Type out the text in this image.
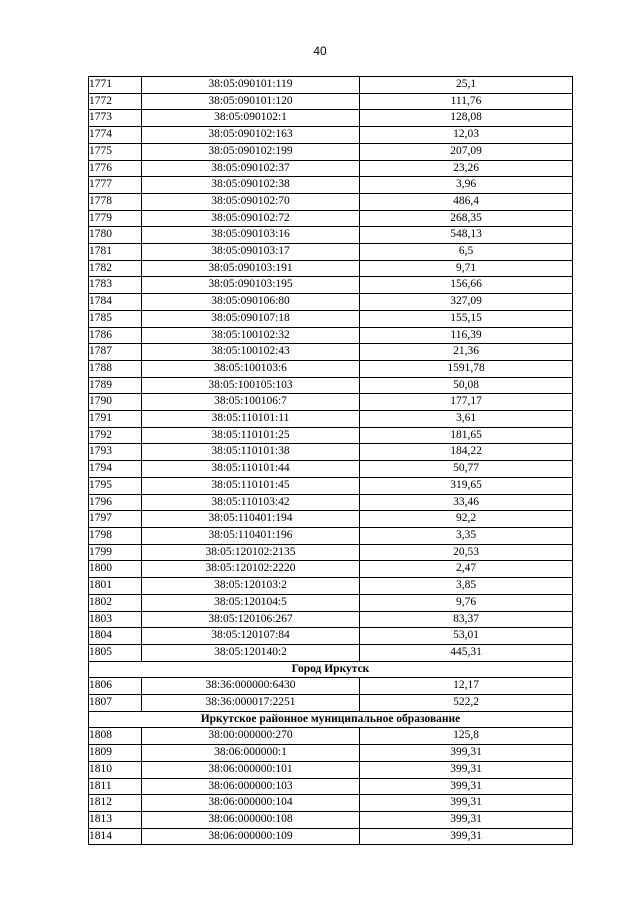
40
1771	38:05:090101:119	25,1
1772	38:05:090101:120	111,76
1773	38:05:090102:1	128,08
1774	38:05:090102:163	12,03
1775	38:05:090102:199	207,09
1776	38:05:090102:37	23,26
1777	38:05:090102:38	3,96
1778	38:05:090102:70	486,4
1779	38:05:090102:72	268,35
1780	38:05:090103:16	548,13
1781	38:05:090103:17	6,5
1782	38:05:090103:191	9,71
1783	38:05:090103:195	156,66
1784	38:05:090106:80	327,09
1785	38:05:090107:18	155,15
1786	38:05:100102:32	116,39
1787	38:05:100102:43	21,36
1788	38:05:100103:6	1591,78
1789	38:05:100105:103	50,08
1790	38:05:100106:7	177,17
1791	38:05:110101:11	3,61
1792	38:05:110101:25	181,65
1793	38:05:110101:38	184,22
1794	38:05:110101:44	50,77
1795	38:05:110101:45	319,65
1796	38:05:110103:42	33,46
1797	38:05:110401:194	92,2
1798	38:05:110401:196	3,35
1799	38:05:120102:2135	20,53
1800	38:05:120102:2220	2,47
1801	38:05:120103:2	3,85
1802	38:05:120104:5	9,76
1803	38:05:120106:267	83,37
1804	38:05:120107:84	53,01
1805	38:05:120140:2	445,31
Город Иркутск		
1806	38:36:000000:6430	12,17
1807	38:36:000017:2251	522,2
Иркутское районное муниципальное образование		
1808	38:00:000000:270	125,8
1809	38:06:000000:1	399,31
1810	38:06:000000:101	399,31
1811	38:06:000000:103	399,31
1812	38:06:000000:104	399,31
1813	38:06:000000:108	399,31
1814	38:06:000000:109	399,31
